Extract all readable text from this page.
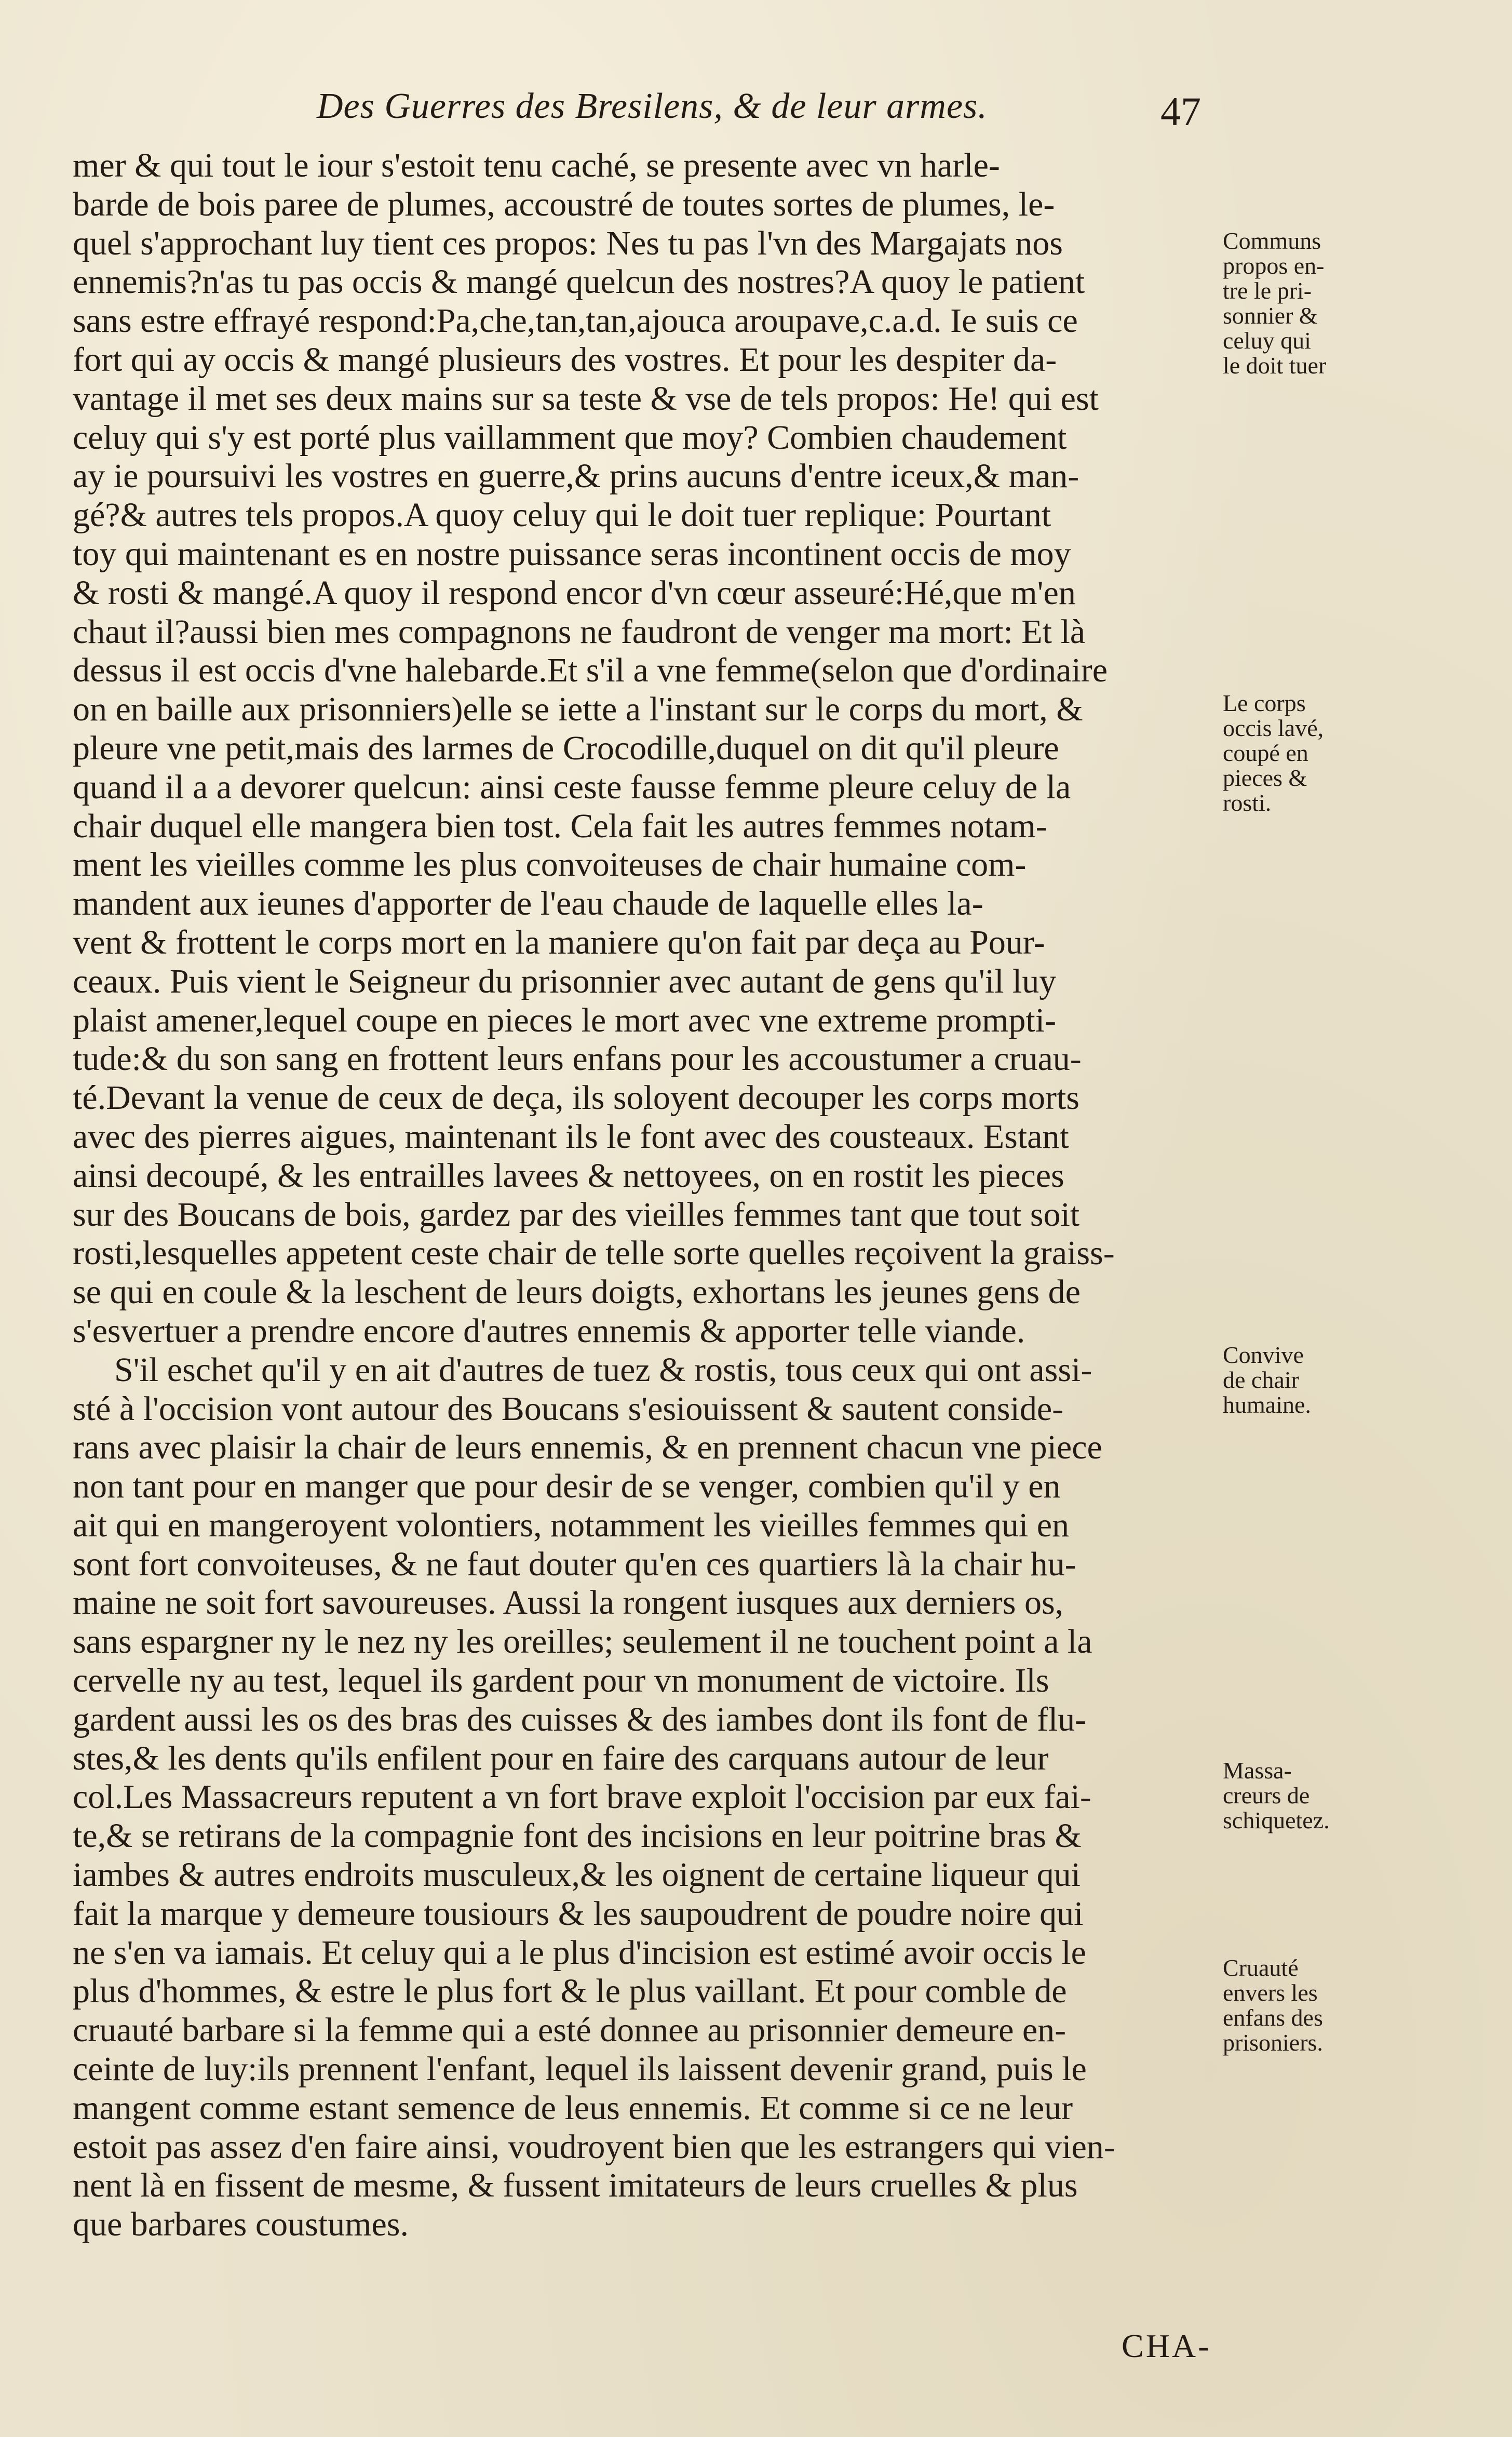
Des Guerres des Bresilens, & de leur armes.	47
mer & qui tout le iour s'estoit tenu caché, se presente avec vn harle-
barde de bois paree de plumes, accoustré de toutes sortes de plumes, le-
quel s'approchant luy tient ces propos: Nes tu pas l'vn des Margajats nos
ennemis?n'as tu pas occis & mangé quelcun des nostres?A quoy le patient
sans estre effrayé respond:Pa,che,tan,tan,ajouca aroupave,c.a.d. Ie suis ce
fort qui ay occis & mangé plusieurs des vostres. Et pour les despiter da-
vantage il met ses deux mains sur sa teste & vse de tels propos: He! qui est
celuy qui s'y est porté plus vaillamment que moy? Combien chaudement
ay ie poursuivi les vostres en guerre,& prins aucuns d'entre iceux,& man-
gé?& autres tels propos.A quoy celuy qui le doit tuer replique: Pourtant
toy qui maintenant es en nostre puissance seras incontinent occis de moy
& rosti & mangé.A quoy il respond encor d'vn cœur asseuré:Hé,que m'en
chaut il?aussi bien mes compagnons ne faudront de venger ma mort: Et là
dessus il est occis d'vne halebarde.Et s'il a vne femme(selon que d'ordinaire
on en baille aux prisonniers)elle se iette a l'instant sur le corps du mort, &
pleure vne petit,mais des larmes de Crocodille,duquel on dit qu'il pleure
quand il a a devorer quelcun: ainsi ceste fausse femme pleure celuy de la
chair duquel elle mangera bien tost. Cela fait les autres femmes notam-
ment les vieilles comme les plus convoiteuses de chair humaine com-
mandent aux ieunes d'apporter de l'eau chaude de laquelle elles la-
vent & frottent le corps mort en la maniere qu'on fait par deça au Pour-
ceaux. Puis vient le Seigneur du prisonnier avec autant de gens qu'il luy
plaist amener,lequel coupe en pieces le mort avec vne extreme prompti-
tude:& du son sang en frottent leurs enfans pour les accoustumer a cruau-
té.Devant la venue de ceux de deça, ils soloyent decouper les corps morts
avec des pierres aigues, maintenant ils le font avec des cousteaux. Estant
ainsi decoupé, & les entrailles lavees & nettoyees, on en rostit les pieces
sur des Boucans de bois, gardez par des vieilles femmes tant que tout soit
rosti,lesquelles appetent ceste chair de telle sorte quelles reçoivent la graiss-
se qui en coule & la leschent de leurs doigts, exhortans les jeunes gens de
s'esvertuer a prendre encore d'autres ennemis & apporter telle viande.
S'il eschet qu'il y en ait d'autres de tuez & rostis, tous ceux qui ont assi-
sté à l'occision vont autour des Boucans s'esiouissent & sautent conside-
rans avec plaisir la chair de leurs ennemis, & en prennent chacun vne piece
non tant pour en manger que pour desir de se venger, combien qu'il y en
ait qui en mangeroyent volontiers, notamment les vieilles femmes qui en
sont fort convoiteuses, & ne faut douter qu'en ces quartiers là la chair hu-
maine ne soit fort savoureuses. Aussi la rongent iusques aux derniers os,
sans espargner ny le nez ny les oreilles; seulement il ne touchent point a la
cervelle ny au test, lequel ils gardent pour vn monument de victoire. Ils
gardent aussi les os des bras des cuisses & des iambes dont ils font de flu-
stes,& les dents qu'ils enfilent pour en faire des carquans autour de leur
col.Les Massacreurs reputent a vn fort brave exploit l'occision par eux fai-
te,& se retirans de la compagnie font des incisions en leur poitrine bras &
iambes & autres endroits musculeux,& les oignent de certaine liqueur qui
fait la marque y demeure tousiours & les saupoudrent de poudre noire qui
ne s'en va iamais. Et celuy qui a le plus d'incision est estimé avoir occis le
plus d'hommes, & estre le plus fort & le plus vaillant. Et pour comble de
cruauté barbare si la femme qui a esté donnee au prisonnier demeure en-
ceinte de luy:ils prennent l'enfant, lequel ils laissent devenir grand, puis le
mangent comme estant semence de leus ennemis. Et comme si ce ne leur
estoit pas assez d'en faire ainsi, voudroyent bien que les estrangers qui vien-
nent là en fissent de mesme, & fussent imitateurs de leurs cruelles & plus
que barbares coustumes.
Communs
propos en-
tre le pri-
sonnier &
celuy qui
le doit tuer
Le corps
occis lavé,
coupé en
pieces &
rosti.
Convive
de chair
humaine.
Massa-
creurs de
schiquetez.
Cruauté
envers les
enfans des
prisoniers.
CHA-
